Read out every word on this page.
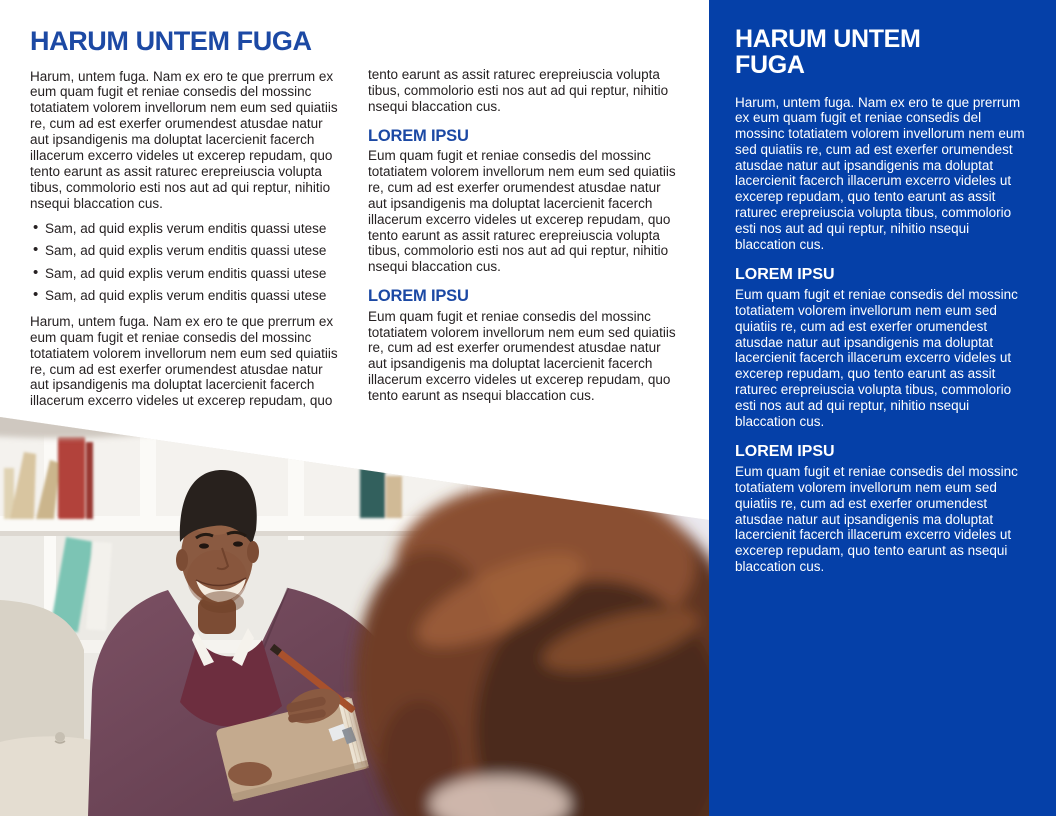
HARUM UNTEM FUGA

Harum, untem fuga. Nam ex ero te que prerrum ex eum quam fugit et reniae consedis del mossinc totatiatem volorem invellorum nem eum sed quiatiis re, cum ad est exerfer orumendest atusdae natur aut ipsandigenis ma doluptat lacercienit facerch illacerum excerro videles ut excerep repudam, quo tento earunt as assit raturec erepreiuscia volupta tibus, commolorio esti nos aut ad qui reptur, nihitio nsequi blaccation cus.

• Sam, ad quid explis verum enditis quassi utese
• Sam, ad quid explis verum enditis quassi utese
• Sam, ad quid explis verum enditis quassi utese
• Sam, ad quid explis verum enditis quassi utese

Harum, untem fuga. Nam ex ero te que prerrum ex eum quam fugit et reniae consedis del mossinc totatiatem volorem invellorum nem eum sed quiatiis re, cum ad est exerfer orumendest atusdae natur aut ipsandigenis ma doluptat lacercienit facerch illacerum excerro videles ut excerep repudam, quo

tento earunt as assit raturec erepreiuscia volupta tibus, commolorio esti nos aut ad qui reptur, nihitio nsequi blaccation cus.

LOREM IPSU

Eum quam fugit et reniae consedis del mossinc totatiatem volorem invellorum nem eum sed quiatiis re, cum ad est exerfer orumendest atusdae natur aut ipsandigenis ma doluptat lacercienit facerch illacerum excerro videles ut excerep repudam, quo tento earunt as assit raturec erepreiuscia volupta tibus, commolorio esti nos aut ad qui reptur, nihitio nsequi blaccation cus.

LOREM IPSU

Eum quam fugit et reniae consedis del mossinc totatiatem volorem invellorum nem eum sed quiatiis re, cum ad est exerfer orumendest atusdae natur aut ipsandigenis ma doluptat lacercienit facerch illacerum excerro videles ut excerep repudam, quo tento earunt as nsequi blaccation cus.

HARUM UNTEM FUGA

Harum, untem fuga. Nam ex ero te que prerrum ex eum quam fugit et reniae consedis del mossinc totatiatem volorem invellorum nem eum sed quiatiis re, cum ad est exerfer orumendest atusdae natur aut ipsandigenis ma doluptat lacercienit facerch illacerum excerro videles ut excerep repudam, quo tento earunt as assit raturec erepreiuscia volupta tibus, commolorio esti nos aut ad qui reptur, nihitio nsequi blaccation cus.

LOREM IPSU

Eum quam fugit et reniae consedis del mossinc totatiatem volorem invellorum nem eum sed quiatiis re, cum ad est exerfer orumendest atusdae natur aut ipsandigenis ma doluptat lacercienit facerch illacerum excerro videles ut excerep repudam, quo tento earunt as assit raturec erepreiuscia volupta tibus, commolorio esti nos aut ad qui reptur, nihitio nsequi blaccation cus.

LOREM IPSU

Eum quam fugit et reniae consedis del mossinc totatiatem volorem invellorum nem eum sed quiatiis re, cum ad est exerfer orumendest atusdae natur aut ipsandigenis ma doluptat lacercienit facerch illacerum excerro videles ut excerep repudam, quo tento earunt as nsequi blaccation cus.
